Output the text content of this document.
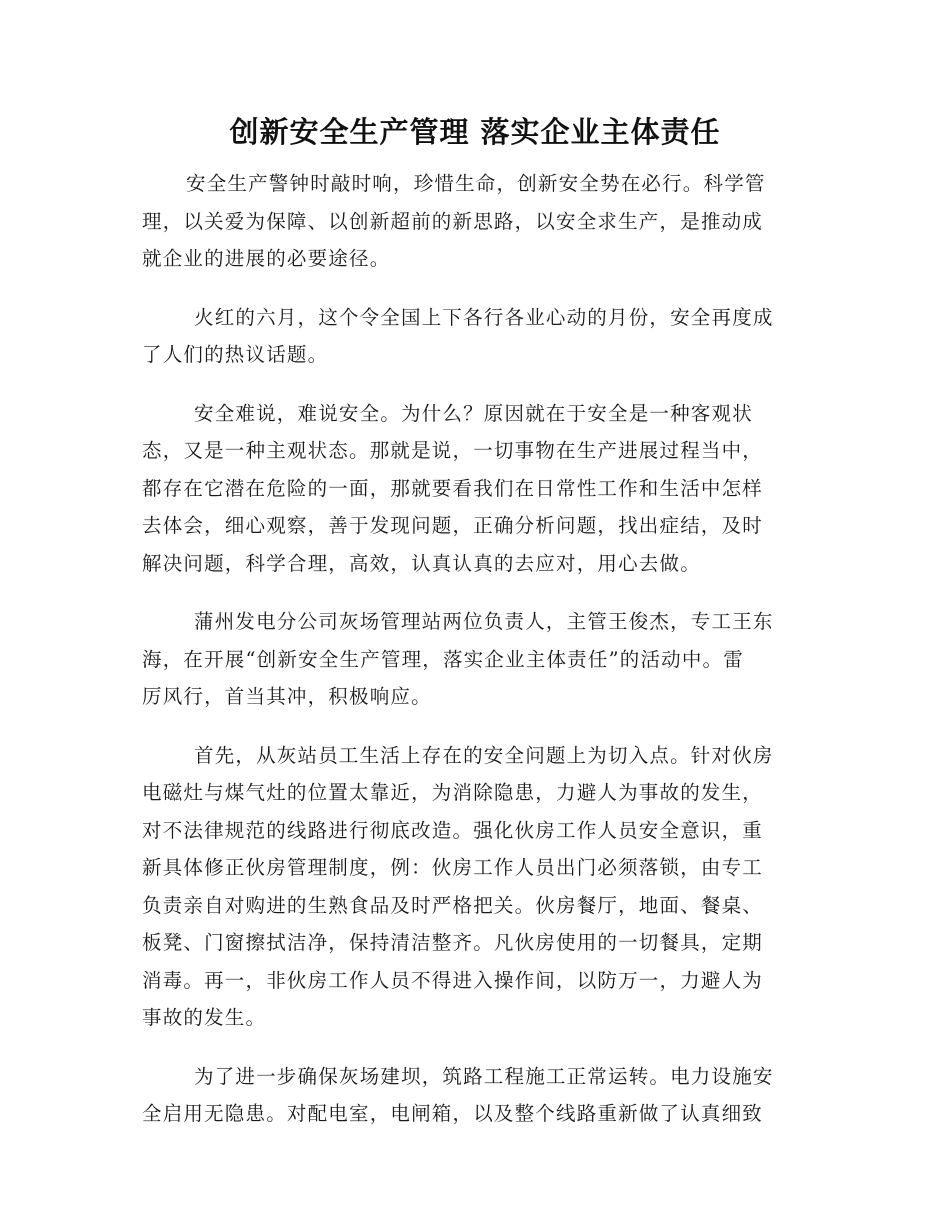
创新安全生产管理 落实企业主体责任
安全生产警钟时敲时响，珍惜生命，创新安全势在必行。科学管
理，以关爱为保障、以创新超前的新思路，以安全求生产，是推动成
就企业的进展的必要途径。
火红的六月，这个令全国上下各行各业心动的月份，安全再度成
了人们的热议话题。
安全难说，难说安全。为什么？原因就在于安全是一种客观状
态，又是一种主观状态。那就是说，一切事物在生产进展过程当中，
都存在它潜在危险的一面，那就要看我们在日常性工作和生活中怎样
去体会，细心观察，善于发现问题，正确分析问题，找出症结，及时
解决问题，科学合理，高效，认真认真的去应对，用心去做。
蒲州发电分公司灰场管理站两位负责人，主管王俊杰，专工王东
海，在开展“创新安全生产管理，落实企业主体责任”的活动中。雷
厉风行，首当其冲，积极响应。
首先，从灰站员工生活上存在的安全问题上为切入点。针对伙房
电磁灶与煤气灶的位置太靠近，为消除隐患，力避人为事故的发生，
对不法律规范的线路进行彻底改造。强化伙房工作人员安全意识，重
新具体修正伙房管理制度，例：伙房工作人员出门必须落锁，由专工
负责亲自对购进的生熟食品及时严格把关。伙房餐厅，地面、餐桌、
板凳、门窗擦拭洁净，保持清洁整齐。凡伙房使用的一切餐具，定期
消毒。再一，非伙房工作人员不得进入操作间，以防万一，力避人为
事故的发生。
为了进一步确保灰场建坝，筑路工程施工正常运转。电力设施安
全启用无隐患。对配电室，电闸箱，以及整个线路重新做了认真细致
